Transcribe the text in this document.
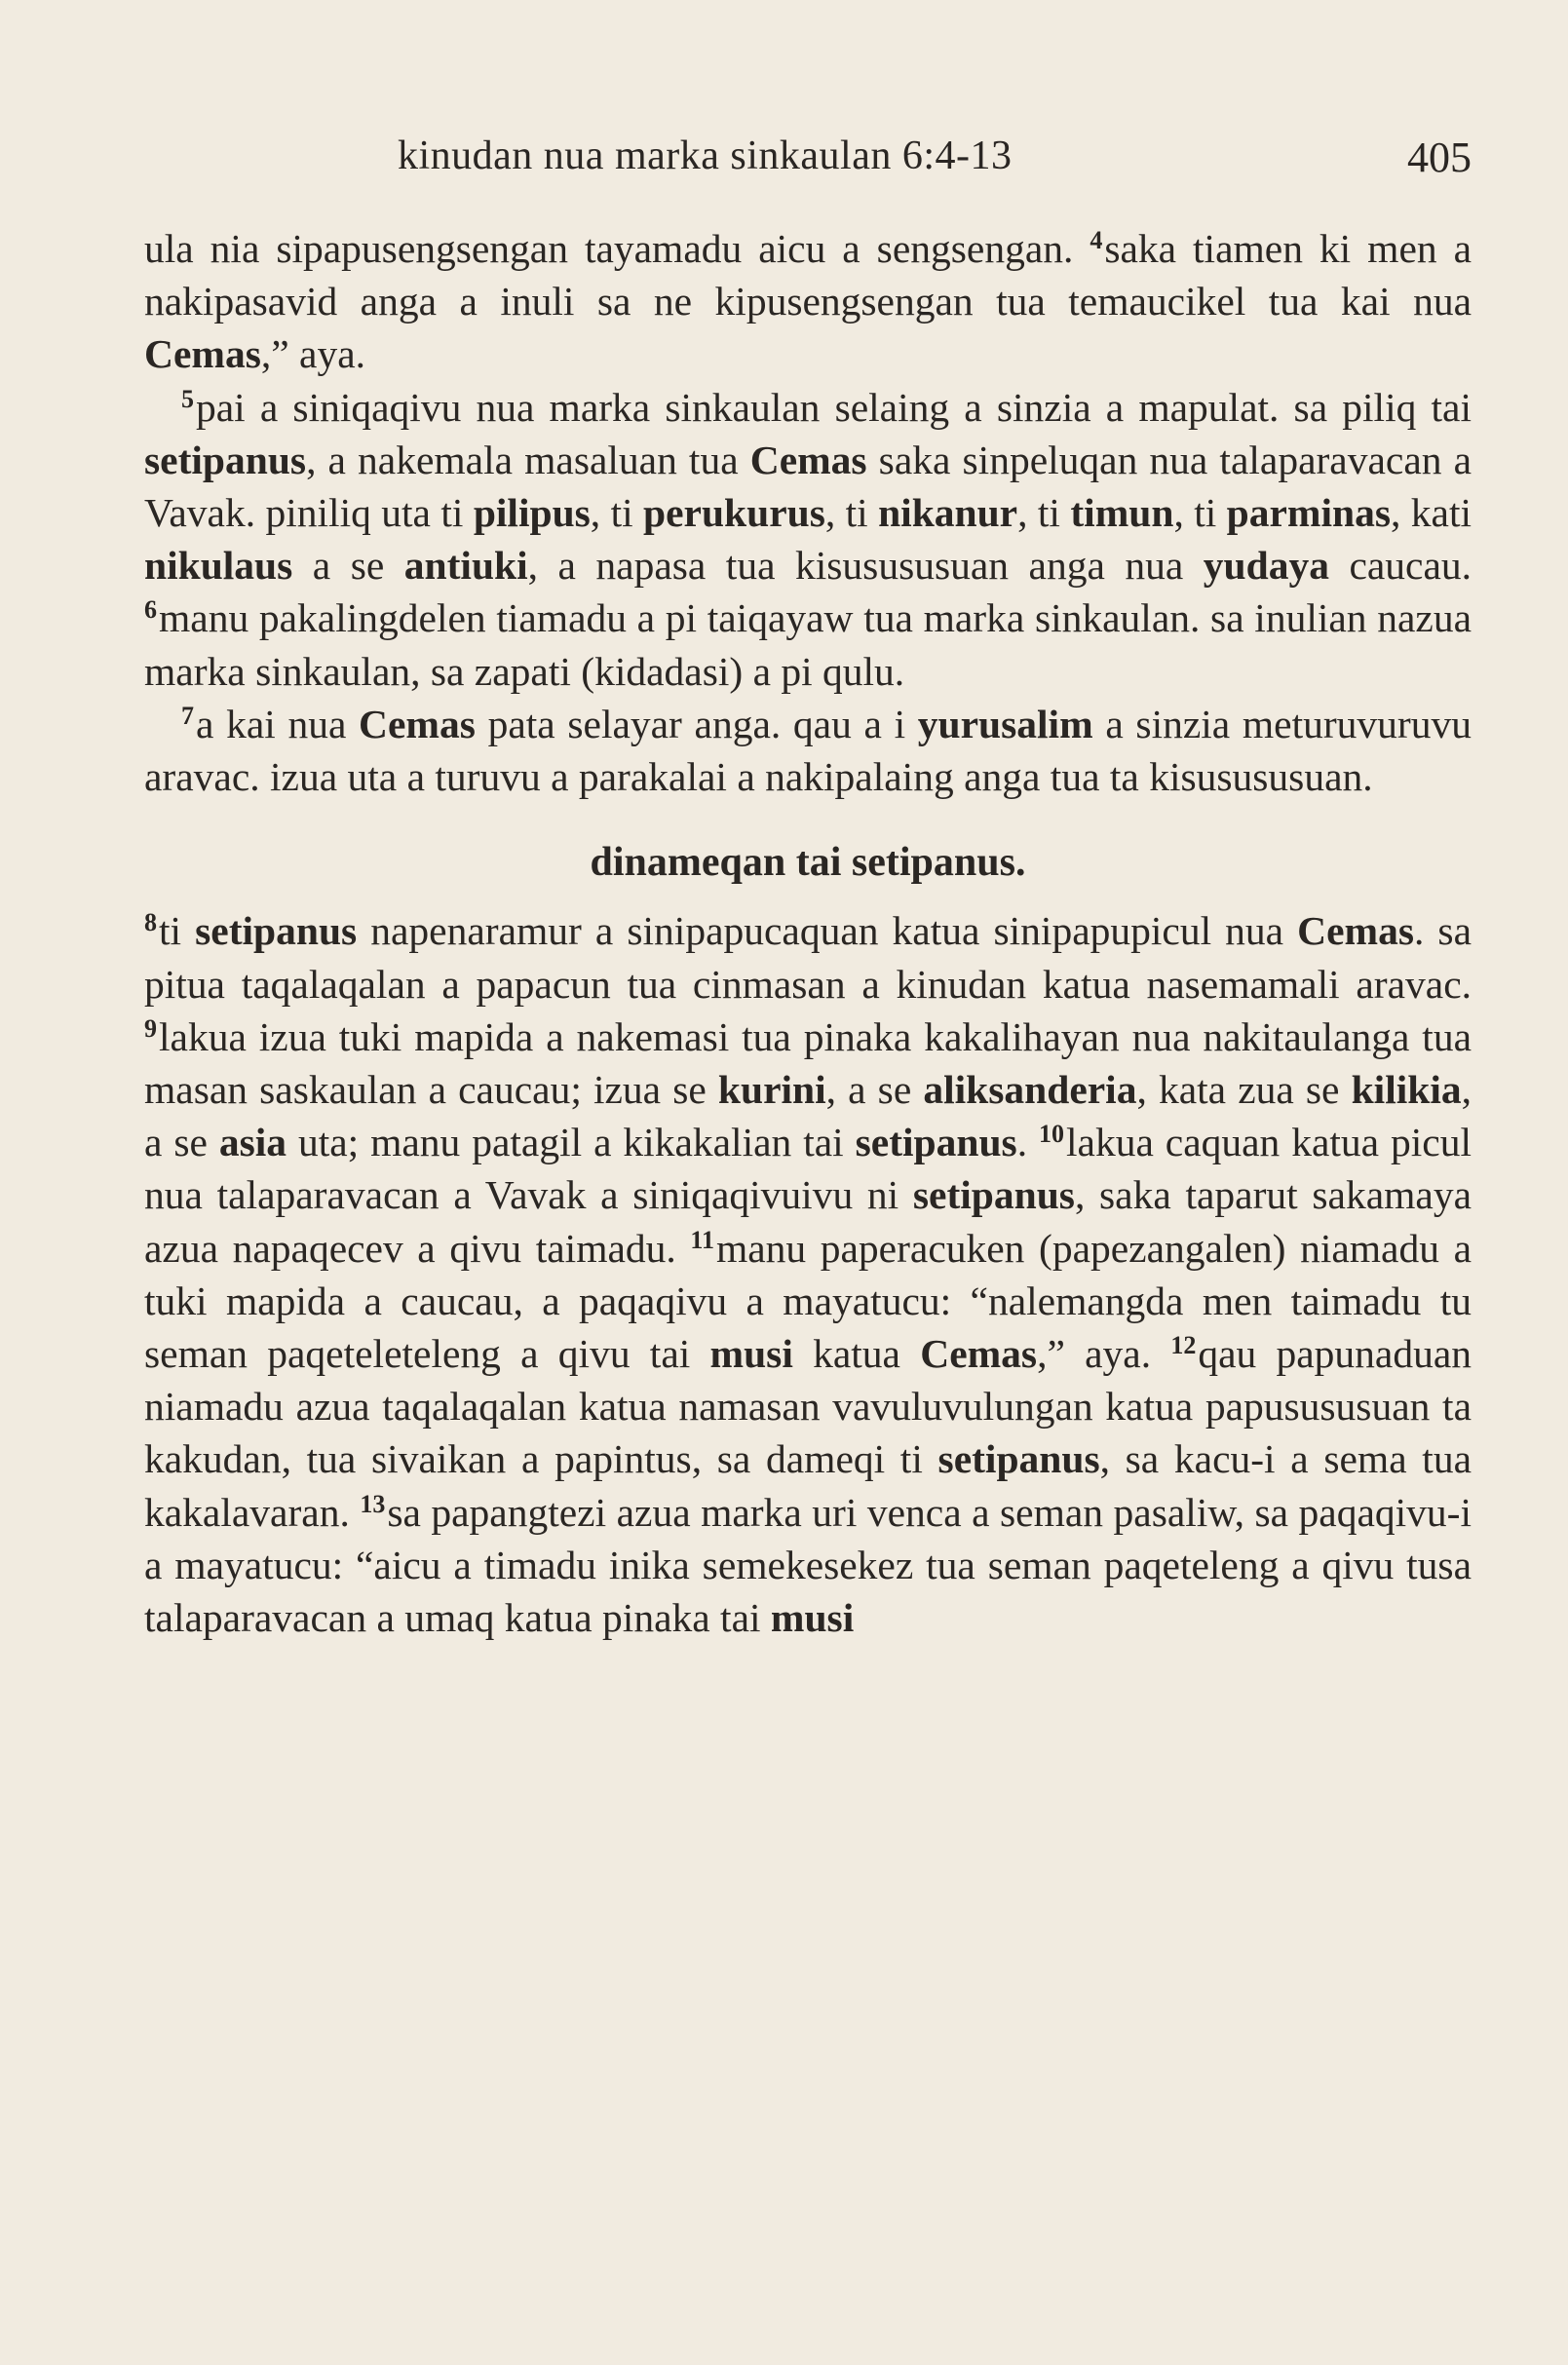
kinudan nua marka sinkaulan 6:4-13	405

ula nia sipapusengsengan tayamadu aicu a sengsengan. $^4$saka tiamen ki men a nakipasavid anga a inuli sa ne kipusengsengan tua temaucikel tua kai nua Cemas,” aya.

$^5$pai a siniqaqivu nua marka sinkaulan selaing a sinzia a mapulat. sa piliq tai setipanus, a nakemala masaluan tua Cemas saka sinpeluqan nua talaparavacan a Vavak. piniliq uta ti pilipus, ti perukurus, ti nikanur, ti timun, ti parminas, kati nikulaus a se antiuki, a napasa tua kisusususuan anga nua yudaya caucau. $^6$manu pakalingdelen tiamadu a pi taiqayaw tua marka sinkaulan. sa inulian nazua marka sinkaulan, sa zapati (kidadasi) a pi qulu.

$^7$a kai nua Cemas pata selayar anga. qau a i yurusalim a sinzia meturuvuruvu aravac. izua uta a turuvu a parakalai a nakipalaing anga tua ta kisusususuan.

dinameqan tai setipanus.

$^8$ti setipanus napenaramur a sinipapucaquan katua sinipapupicul nua Cemas. sa pitua taqalaqalan a papacun tua cinmasan a kinudan katua nasemamali aravac. $^9$lakua izua tuki mapida a nakemasi tua pinaka kakalihayan nua nakitaulanga tua masan saskaulan a caucau; izua se kurini, a se aliksanderia, kata zua se kilikia, a se asia uta; manu patagil a kikakalian tai setipanus. $^{10}$lakua caquan katua picul nua talaparavacan a Vavak a siniqaqivuivu ni setipanus, saka taparut sakamaya azua napaqecev a qivu taimadu. $^{11}$manu paperacuken (papezangalen) niamadu a tuki mapida a caucau, a paqaqivu a mayatucu: “nalemangda men taimadu tu seman paqeteleteleng a qivu tai musi katua Cemas,” aya. $^{12}$qau papunaduan niamadu azua taqalaqalan katua namasan vavuluvulungan katua papusususuan ta kakudan, tua sivaikan a papintus, sa dameqi ti setipanus, sa kacu-i a sema tua kakalavaran. $^{13}$sa papangtezi azua marka uri venca a seman pasaliw, sa paqaqivu-i a mayatucu: “aicu a timadu inika semekesekez tua seman paqeteleng a qivu tusa talaparavacan a umaq katua pinaka tai musi
